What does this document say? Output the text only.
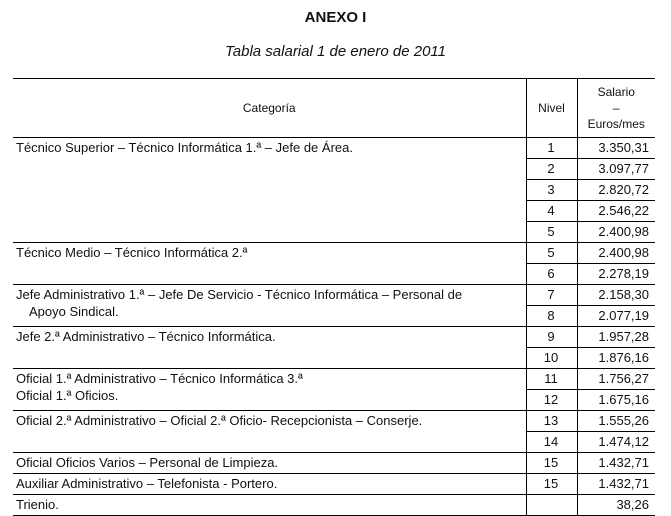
ANEXO I
Tabla salarial 1 de enero de 2011
Categoría	Nivel	Salario
–
Euros/mes

Técnico Superior – Técnico Informática 1.ª – Jefe de Área.	1	3.350,31
	2	3.097,77
	3	2.820,72
	4	2.546,22
	5	2.400,98

Técnico Medio – Técnico Informática 2.ª	5	2.400,98
	6	2.278,19

Jefe Administrativo 1.ª – Jefe De Servicio - Técnico Informática – Personal de
Apoyo Sindical.	7	2.158,30
	8	2.077,19

Jefe 2.ª Administrativo – Técnico Informática.	9	1.957,28
	10	1.876,16

Oficial 1.ª Administrativo – Técnico Informática 3.ª
Oficial 1.ª Oficios.	11	1.756,27
	12	1.675,16

Oficial 2.ª Administrativo – Oficial 2.ª Oficio- Recepcionista – Conserje.	13	1.555,26
	14	1.474,12

Oficial Oficios Varios – Personal de Limpieza.	15	1.432,71

Auxiliar Administrativo – Telefonista - Portero.	15	1.432,71

Trienio.		38,26
